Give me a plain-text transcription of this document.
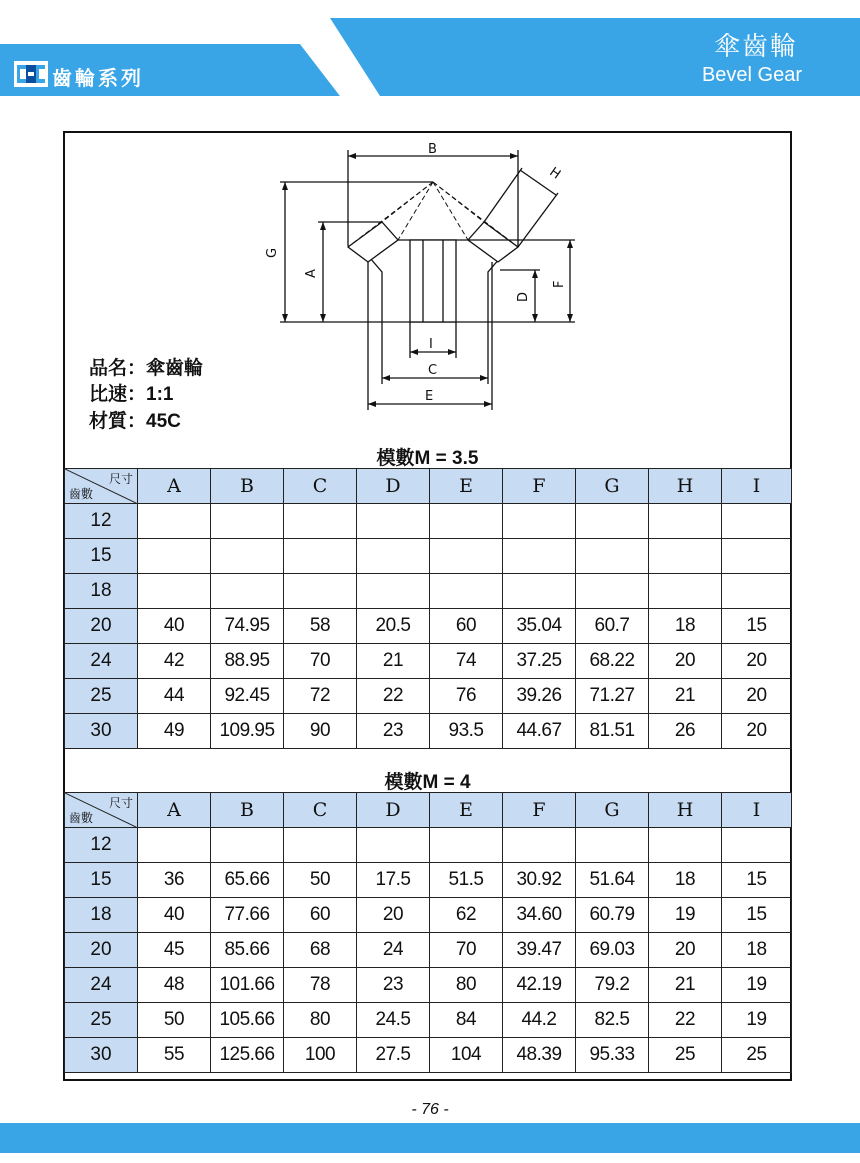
齒輪系列
傘齒輪
Bevel Gear
B
H
G
A
D
F
I
C
E
品名：傘齒輪
比速：1:1
材質：45C
模數M = 3.5
尺寸
齒數	A	B	C	D	E	F	G	H	I
12									
15									
18									
20	40	74.95	58	20.5	60	35.04	60.7	18	15
24	42	88.95	70	21	74	37.25	68.22	20	20
25	44	92.45	72	22	76	39.26	71.27	21	20
30	49	109.95	90	23	93.5	44.67	81.51	26	20
模數M = 4
尺寸
齒數	A	B	C	D	E	F	G	H	I
12									
15	36	65.66	50	17.5	51.5	30.92	51.64	18	15
18	40	77.66	60	20	62	34.60	60.79	19	15
20	45	85.66	68	24	70	39.47	69.03	20	18
24	48	101.66	78	23	80	42.19	79.2	21	19
25	50	105.66	80	24.5	84	44.2	82.5	22	19
30	55	125.66	100	27.5	104	48.39	95.33	25	25
- 76 -
